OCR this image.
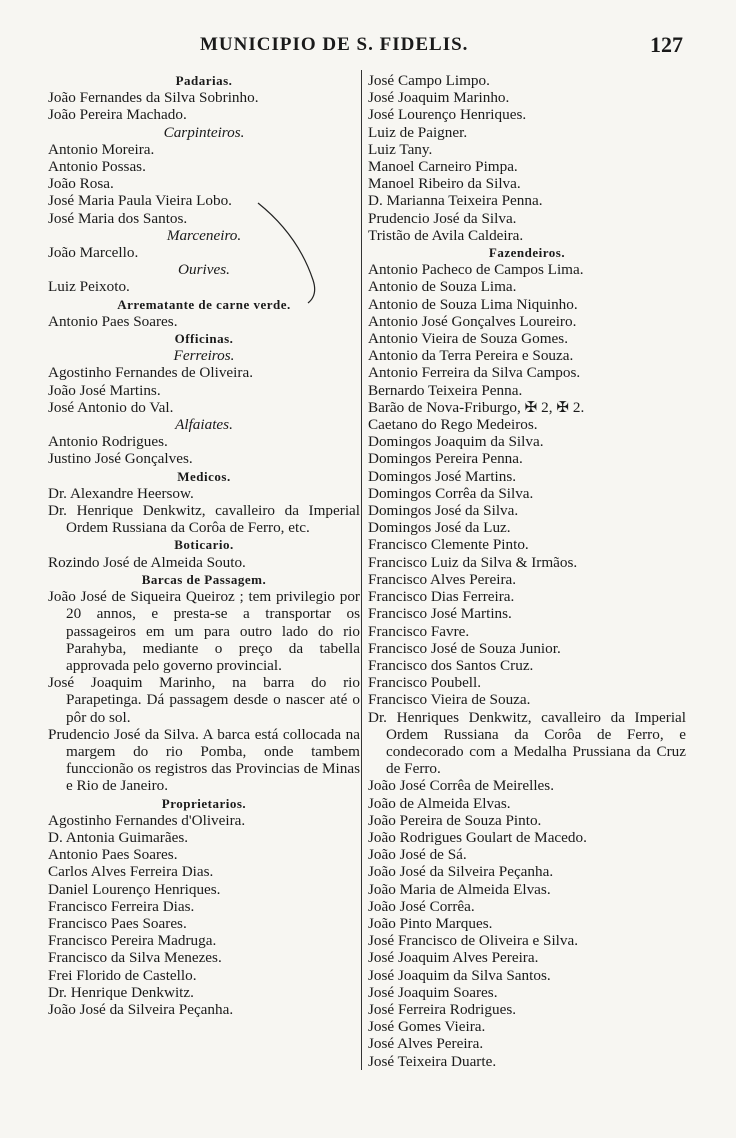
MUNICIPIO DE S. FIDELIS.	127
Padarias.
João Fernandes da Silva Sobrinho.
João Pereira Machado.
Carpinteiros.
Antonio Moreira.
Antonio Possas.
João Rosa.
José Maria Paula Vieira Lobo.
José Maria dos Santos.
Marceneiro.
João Marcello.
Ourives.
Luiz Peixoto.
Arrematante de carne verde.
Antonio Paes Soares.
Officinas.
Ferreiros.
Agostinho Fernandes de Oliveira.
João José Martins.
José Antonio do Val.
Alfaiates.
Antonio Rodrigues.
Justino José Gonçalves.
Medicos.
Dr. Alexandre Heersow.
Dr. Henrique Denkwitz, cavalleiro da Imperial Ordem Russiana da Corôa de Ferro, etc.
Boticario.
Rozindo José de Almeida Souto.
Barcas de Passagem.
João José de Siqueira Queiroz ; tem privilegio por 20 annos, e presta-se a transportar os passageiros em um para outro lado do rio Parahyba, mediante o preço da tabella approvada pelo governo provincial.
José Joaquim Marinho, na barra do rio Parapetinga. Dá passagem desde o nascer até o pôr do sol.
Prudencio José da Silva. A barca está collocada na margem do rio Pomba, onde tambem funccionão os registros das Provincias de Minas e Rio de Janeiro.
Proprietarios.
Agostinho Fernandes d'Oliveira.
D. Antonia Guimarães.
Antonio Paes Soares.
Carlos Alves Ferreira Dias.
Daniel Lourenço Henriques.
Francisco Ferreira Dias.
Francisco Paes Soares.
Francisco Pereira Madruga.
Francisco da Silva Menezes.
Frei Florido de Castello.
Dr. Henrique Denkwitz.
João José da Silveira Peçanha.
José Campo Limpo.
José Joaquim Marinho.
José Lourenço Henriques.
Luiz de Paigner.
Luiz Tany.
Manoel Carneiro Pimpa.
Manoel Ribeiro da Silva.
D. Marianna Teixeira Penna.
Prudencio José da Silva.
Tristão de Avila Caldeira.
Fazendeiros.
Antonio Pacheco de Campos Lima.
Antonio de Souza Lima.
Antonio de Souza Lima Niquinho.
Antonio José Gonçalves Loureiro.
Antonio Vieira de Souza Gomes.
Antonio da Terra Pereira e Souza.
Antonio Ferreira da Silva Campos.
Bernardo Teixeira Penna.
Barão de Nova-Friburgo, ✠ 2, ✠ 2.
Caetano do Rego Medeiros.
Domingos Joaquim da Silva.
Domingos Pereira Penna.
Domingos José Martins.
Domingos Corrêa da Silva.
Domingos José da Silva.
Domingos José da Luz.
Francisco Clemente Pinto.
Francisco Luiz da Silva & Irmãos.
Francisco Alves Pereira.
Francisco Dias Ferreira.
Francisco José Martins.
Francisco Favre.
Francisco José de Souza Junior.
Francisco dos Santos Cruz.
Francisco Poubell.
Francisco Vieira de Souza.
Dr. Henriques Denkwitz, cavalleiro da Imperial Ordem Russiana da Corôa de Ferro, e condecorado com a Medalha Prussiana da Cruz de Ferro.
João José Corrêa de Meirelles.
João de Almeida Elvas.
João Pereira de Souza Pinto.
João Rodrigues Goulart de Macedo.
João José de Sá.
João José da Silveira Peçanha.
João Maria de Almeida Elvas.
João José Corrêa.
João Pinto Marques.
José Francisco de Oliveira e Silva.
José Joaquim Alves Pereira.
José Joaquim da Silva Santos.
José Joaquim Soares.
José Ferreira Rodrigues.
José Gomes Vieira.
José Alves Pereira.
José Teixeira Duarte.
